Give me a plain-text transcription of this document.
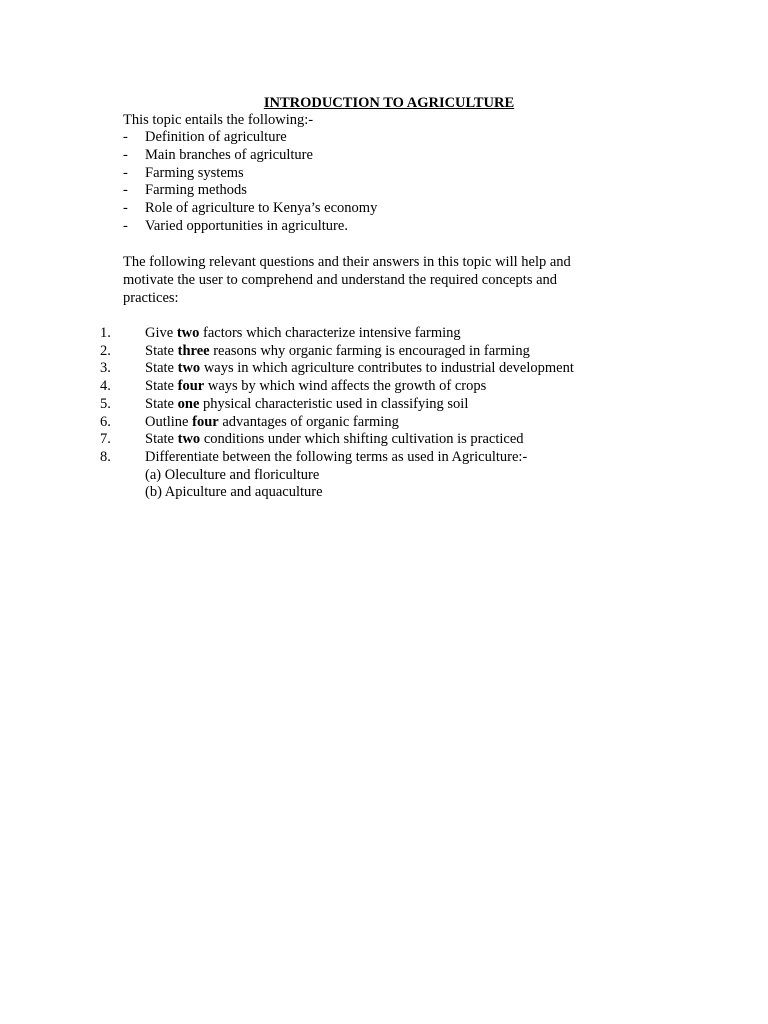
INTRODUCTION TO AGRICULTURE
This topic entails the following:-
- Definition of agriculture
- Main branches of agriculture
- Farming systems
- Farming methods
- Role of agriculture to Kenya’s economy
- Varied opportunities in agriculture.
The following relevant questions and their answers in this topic will help and
motivate the user to comprehend and understand the required concepts and
practices:
1. Give two factors which characterize intensive farming
2. State three reasons why organic farming is encouraged in farming
3. State two ways in which agriculture contributes to industrial development
4. State four ways by which wind affects the growth of crops
5. State one physical characteristic used in classifying soil
6. Outline four advantages of organic farming
7. State two conditions under which shifting cultivation is practiced
8. Differentiate between the following terms as used in Agriculture:-
(a) Oleculture and floriculture
(b) Apiculture and aquaculture
